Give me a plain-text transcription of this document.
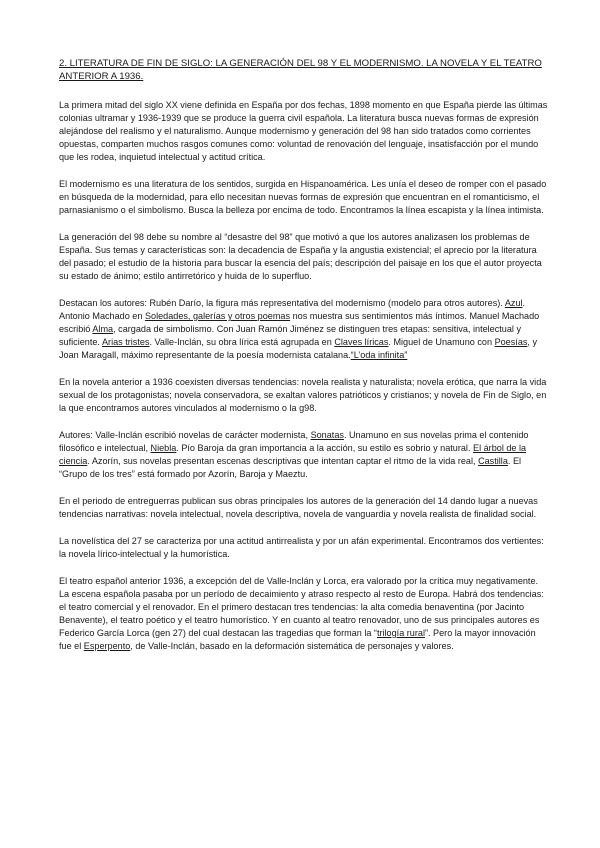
2. LITERATURA DE FIN DE SIGLO: LA GENERACIÓN DEL 98 Y EL MODERNISMO. LA NOVELA Y EL TEATRO ANTERIOR A 1936.

La primera mitad del siglo XX viene definida en España por dos fechas, 1898 momento en que España pierde las últimas colonias ultramar y 1936-1939 que se produce la guerra civil española. La literatura busca nuevas formas de expresión alejándose del realismo y el naturalismo. Aunque modernismo y generación del 98 han sido tratados como corrientes opuestas, comparten muchos rasgos comunes como: voluntad de renovación del lenguaje, insatisfacción por el mundo que les rodea, inquietud intelectual y actitud crítica.

El modernismo es una literatura de los sentidos, surgida en Hispanoamérica. Les unía el deseo de romper con el pasado en búsqueda de la modernidad, para ello necesitan nuevas formas de expresión que encuentran en el romanticismo, el parnasianismo o el simbolismo. Busca la belleza por encima de todo. Encontramos la línea escapista y la línea intimista.

La generación del 98 debe su nombre al “desastre del 98” que motivó a que los autores analizasen los problemas de España. Sus temas y características son: la decadencia de España y la angustia existencial; el aprecio por la literatura del pasado; el estudio de la historia para buscar la esencia del país; descripción del paisaje en los que el autor proyecta su estado de ánimo; estilo antirretórico y huida de lo superfluo.

Destacan los autores: Rubén Darío, la figura más representativa del modernismo (modelo para otros autores). Azul. Antonio Machado en Soledades, galerías y otros poemas nos muestra sus sentimientos más íntimos. Manuel Machado escribió Alma, cargada de simbolismo. Con Juan Ramón Jiménez se distinguen tres etapas: sensitiva, intelectual y suficiente. Arias tristes. Valle-Inclán, su obra lírica está agrupada en Claves líricas. Miguel de Unamuno con Poesías, y Joan Maragall, máximo representante de la poesía modernista catalana.“L’oda infinita”

En la novela anterior a 1936 coexisten diversas tendencias: novela realista y naturalista; novela erótica, que narra la vida sexual de los protagonistas; novela conservadora, se exaltan valores patrióticos y cristianos; y novela de Fin de Siglo, en la que encontramos autores vinculados al modernismo o la g98.

Autores: Valle-Inclán escribió novelas de carácter modernista, Sonatas. Unamuno en sus novelas prima el contenido filosófico e intelectual, Niebla. Pío Baroja da gran importancia a la acción, su estilo es sobrio y natural. El árbol de la ciencia. Azorín, sus novelas presentan escenas descriptivas que intentan captar el ritmo de la vida real, Castilla. El “Grupo de los tres” está formado por Azorín, Baroja y Maeztu.

En el periodo de entreguerras publican sus obras principales los autores de la generación del 14 dando lugar a nuevas tendencias narrativas: novela intelectual, novela descriptiva, novela de vanguardia y novela realista de finalidad social.

La novelística del 27 se caracteriza por una actitud antirrealista y por un afán experimental. Encontramos dos vertientes: la novela lírico-intelectual y la humorística.

El teatro español anterior 1936, a excepción del de Valle-Inclán y Lorca, era valorado por la crítica muy negativamente. La escena española pasaba por un período de decaimiento y atraso respecto al resto de Europa. Habrá dos tendencias: el teatro comercial y el renovador. En el primero destacan tres tendencias: la alta comedia benaventina (por Jacinto Benavente), el teatro poético y el teatro humorístico. Y en cuanto al teatro renovador, uno de sus principales autores es Federico García Lorca (gen 27) del cual destacan las tragedias que forman la “trilogía rural”. Pero la mayor innovación fue el Esperpento, de Valle-Inclán, basado en la deformación sistemática de personajes y valores.
